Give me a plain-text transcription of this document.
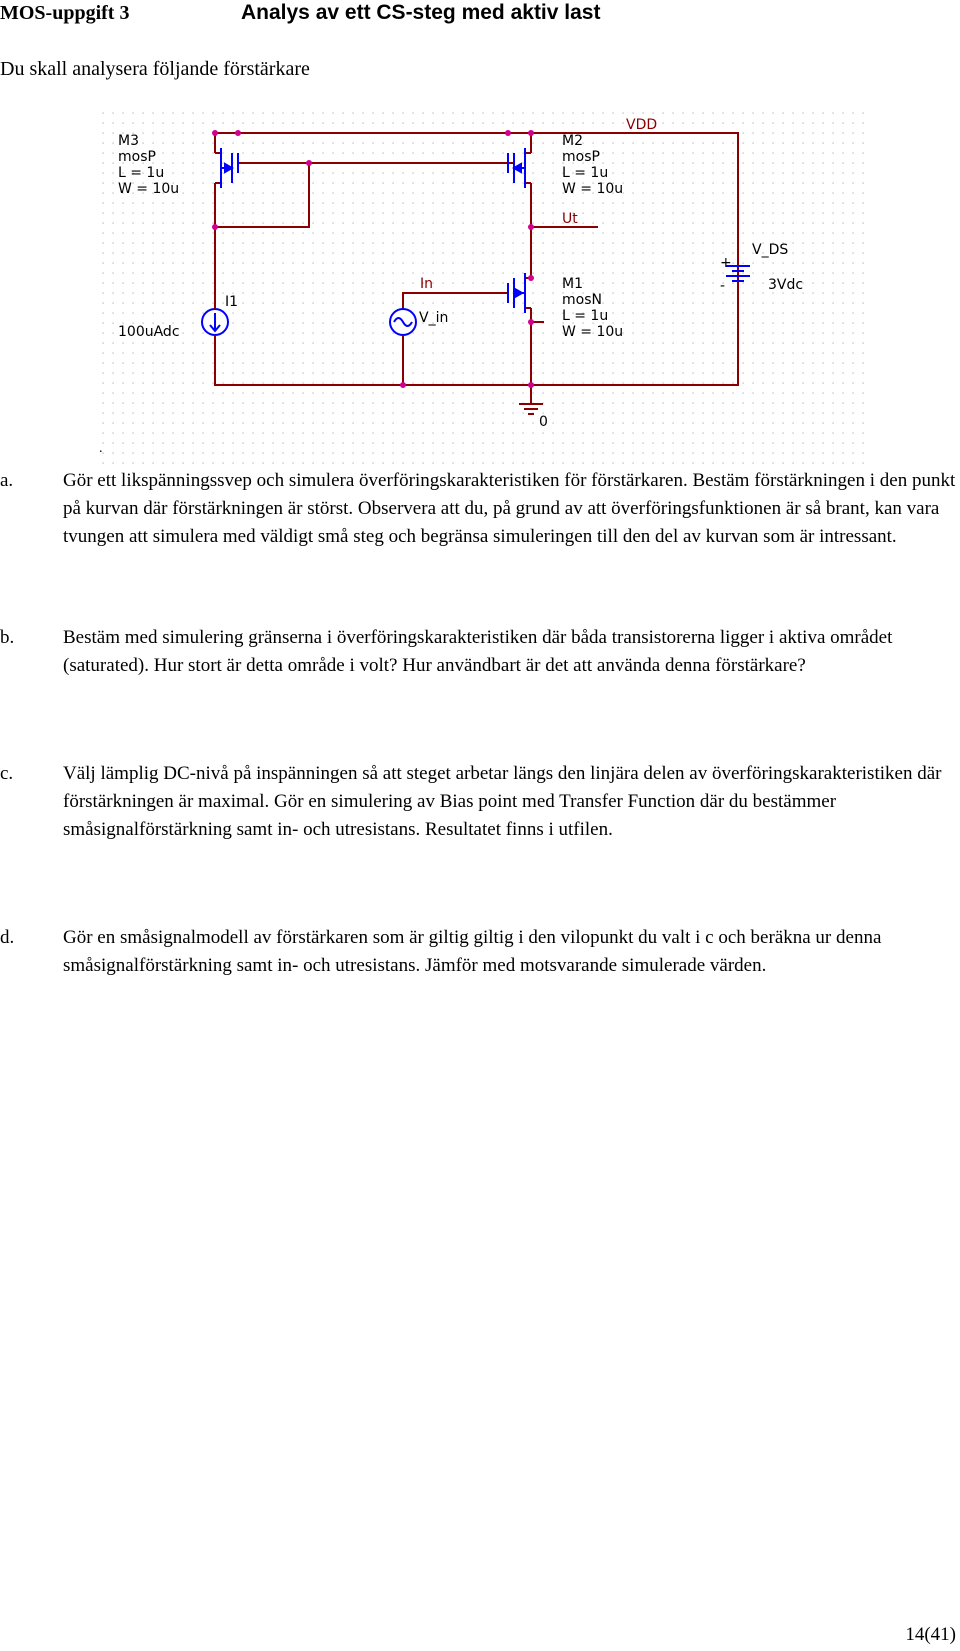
MOS-uppgift 3	Analys av ett CS-steg med aktiv last
Du skall analysera följande förstärkare
M3
mosP
L = 1u
W = 10u
M2
mosP
L = 1u
W = 10u
M1
mosN
L = 1u
W = 10u
I1
100uAdc
V_in
V_DS
3Vdc
+
-
VDD
Ut
In
0
.
a.	Gör ett likspänningssvep och simulera överföringskarakteristiken för förstärkaren. Bestäm förstärkningen i den punkt på kurvan där förstärkningen är störst. Observera att du, på grund av att överföringsfunktionen är så brant, kan vara tvungen att simulera med väldigt små steg och begränsa simuleringen till den del av kurvan som är intressant.
b.	Bestäm med simulering gränserna i överföringskarakteristiken där båda transistorerna ligger i aktiva området (saturated). Hur stort är detta område i volt? Hur användbart är det att använda denna förstärkare?
c.	Välj lämplig DC-nivå på inspänningen så att steget arbetar längs den linjära delen av överföringskarakteristiken där förstärkningen är maximal. Gör en simulering av Bias point med Transfer Function där du bestämmer småsignalförstärkning samt in- och utresistans. Resultatet finns i utfilen.
d.	Gör en småsignalmodell av förstärkaren som är giltig giltig i den vilopunkt du valt i c och beräkna ur denna småsignalförstärkning samt in- och utresistans. Jämför med motsvarande simulerade värden.
14(41)
